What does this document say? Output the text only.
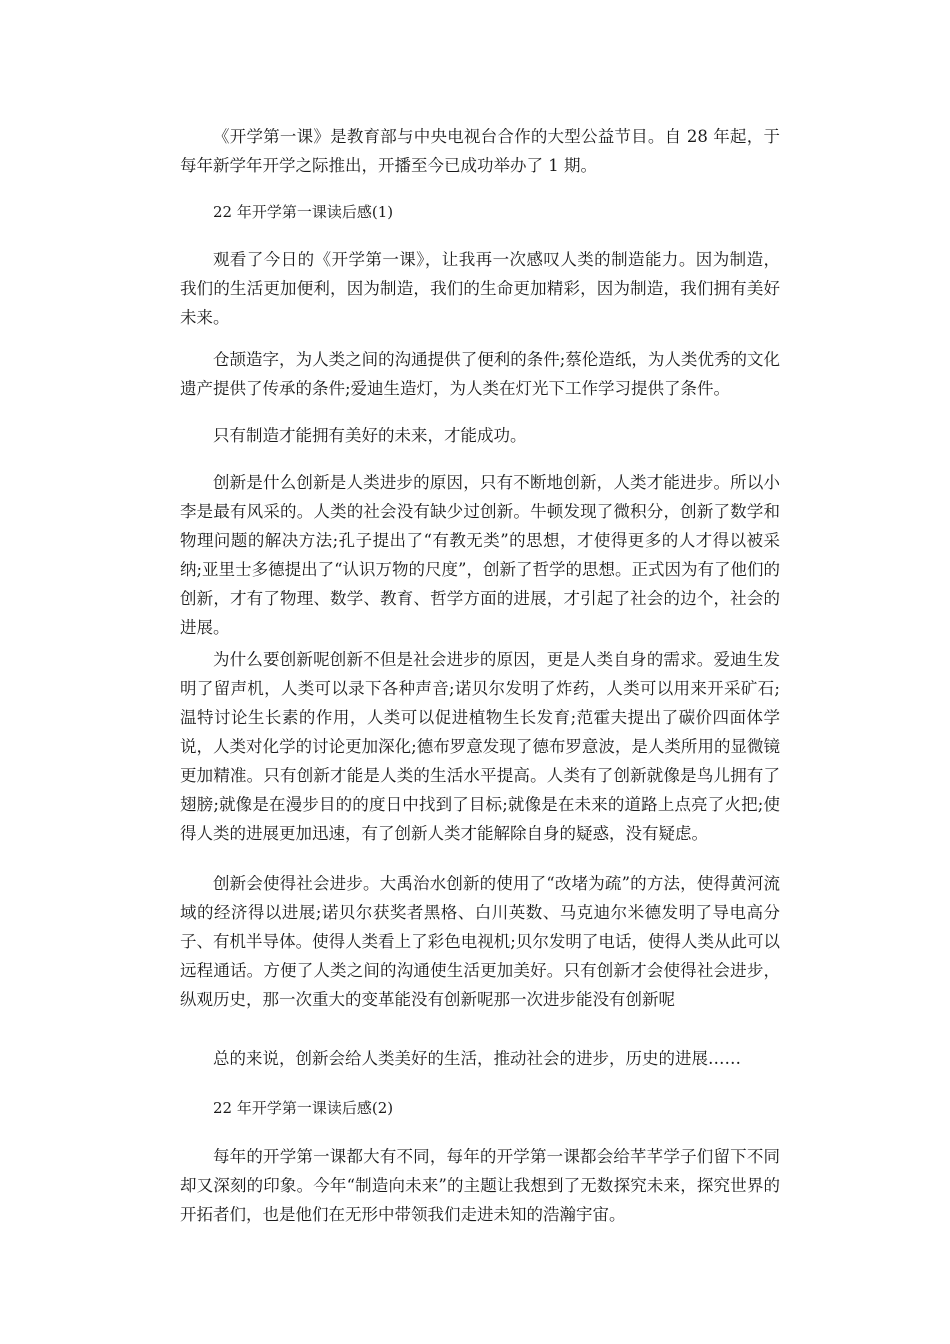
《开学第一课》是教育部与中央电视台合作的大型公益节目。自 28 年起，于每年新学年开学之际推出，开播至今已成功举办了 1 期。

22 年开学第一课读后感(1)

观看了今日的《开学第一课》，让我再一次感叹人类的制造能力。因为制造，我们的生活更加便利，因为制造，我们的生命更加精彩，因为制造，我们拥有美好未来。

仓颉造字，为人类之间的沟通提供了便利的条件;蔡伦造纸，为人类优秀的文化遗产提供了传承的条件;爱迪生造灯，为人类在灯光下工作学习提供了条件。

只有制造才能拥有美好的未来，才能成功。

创新是什么创新是人类进步的原因，只有不断地创新，人类才能进步。所以小李是最有风采的。人类的社会没有缺少过创新。牛顿发现了微积分，创新了数学和物理问题的解决方法;孔子提出了“有教无类”的思想，才使得更多的人才得以被采纳;亚里士多德提出了“认识万物的尺度”，创新了哲学的思想。正式因为有了他们的创新，才有了物理、数学、教育、哲学方面的进展，才引起了社会的边个，社会的进展。

为什么要创新呢创新不但是社会进步的原因，更是人类自身的需求。爱迪生发明了留声机，人类可以录下各种声音;诺贝尔发明了炸药，人类可以用来开采矿石;温特讨论生长素的作用，人类可以促进植物生长发育;范霍夫提出了碳价四面体学说，人类对化学的讨论更加深化;德布罗意发现了德布罗意波，是人类所用的显微镜更加精准。只有创新才能是人类的生活水平提高。人类有了创新就像是鸟儿拥有了翅膀;就像是在漫步目的的度日中找到了目标;就像是在未来的道路上点亮了火把;使得人类的进展更加迅速，有了创新人类才能解除自身的疑惑，没有疑虑。

创新会使得社会进步。大禹治水创新的使用了“改堵为疏”的方法，使得黄河流域的经济得以进展;诺贝尔获奖者黑格、白川英数、马克迪尔米德发明了导电高分子、有机半导体。使得人类看上了彩色电视机;贝尔发明了电话，使得人类从此可以远程通话。方便了人类之间的沟通使生活更加美好。只有创新才会使得社会进步，纵观历史，那一次重大的变革能没有创新呢那一次进步能没有创新呢

总的来说，创新会给人类美好的生活，推动社会的进步，历史的进展……

22 年开学第一课读后感(2)

每年的开学第一课都大有不同，每年的开学第一课都会给芊芊学子们留下不同却又深刻的印象。今年“制造向未来”的主题让我想到了无数探究未来，探究世界的开拓者们，也是他们在无形中带领我们走进未知的浩瀚宇宙。
